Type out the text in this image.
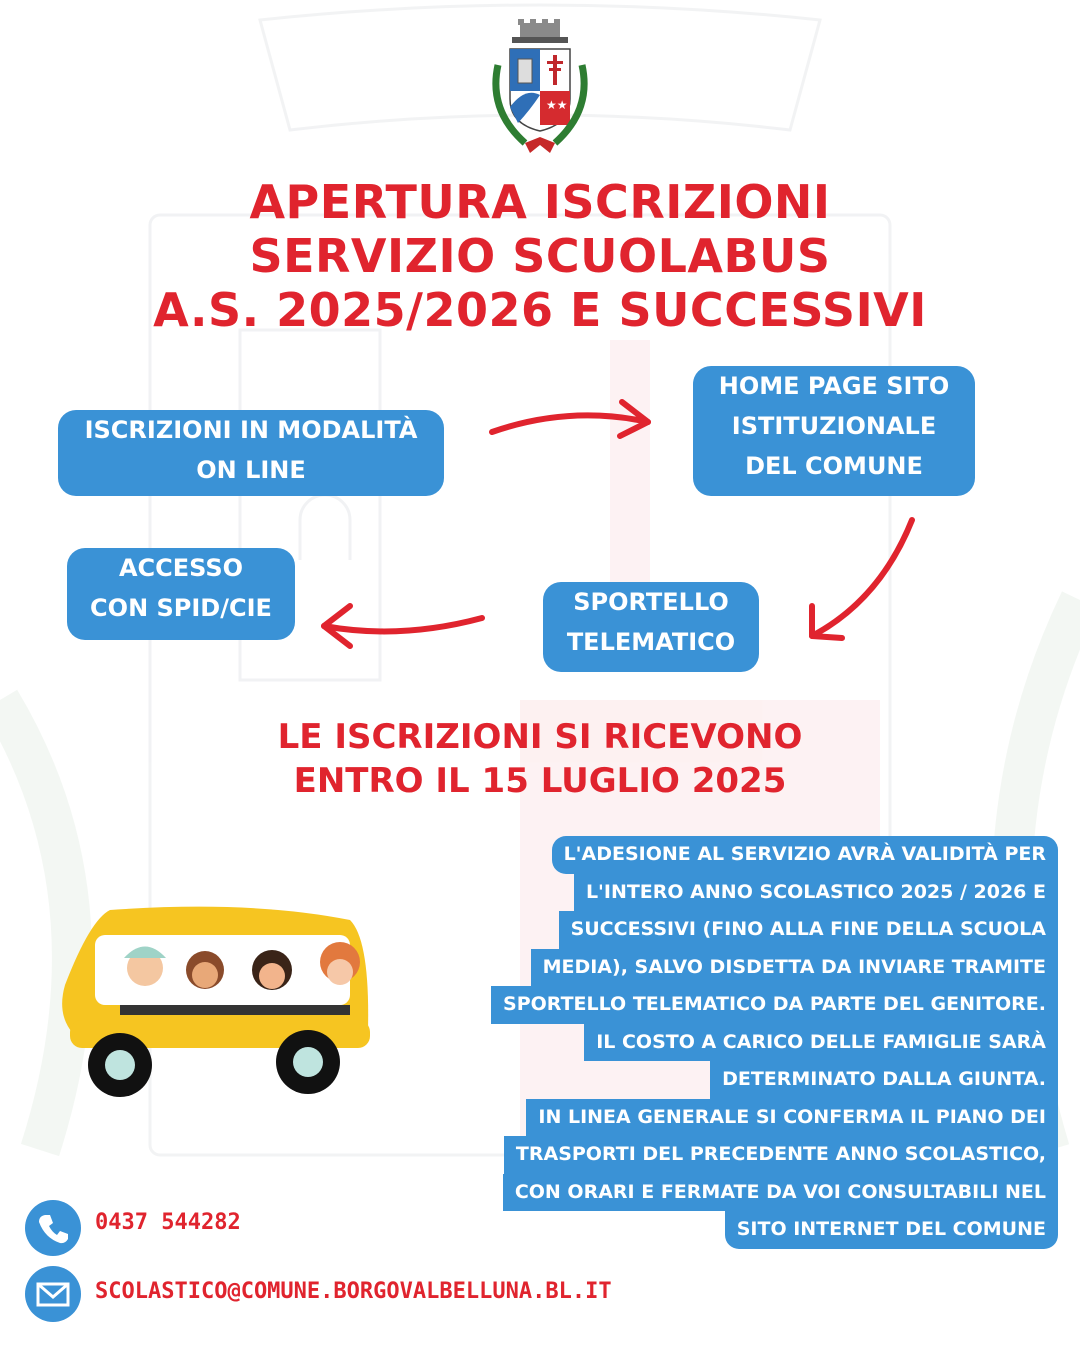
★★
APERTURA ISCRIZIONI
SERVIZIO SCUOLABUS
A.S. 2025/2026 E SUCCESSIVI
ISCRIZIONI IN MODALITÀ
ON LINE
HOME PAGE SITO
ISTITUZIONALE
DEL COMUNE
SPORTELLO
TELEMATICO
ACCESSO
CON SPID/CIE
LE ISCRIZIONI SI RICEVONO
ENTRO IL 15 LUGLIO 2025
L'ADESIONE AL SERVIZIO AVRÀ VALIDITÀ PER
L'INTERO ANNO SCOLASTICO 2025 / 2026 E
SUCCESSIVI (FINO ALLA FINE DELLA SCUOLA
MEDIA), SALVO DISDETTA DA INVIARE TRAMITE
SPORTELLO TELEMATICO DA PARTE DEL GENITORE.
IL COSTO A CARICO DELLE FAMIGLIE SARÀ
DETERMINATO DALLA GIUNTA.
IN LINEA GENERALE SI CONFERMA IL PIANO DEI
TRASPORTI DEL PRECEDENTE ANNO SCOLASTICO,
CON ORARI E FERMATE DA VOI CONSULTABILI NEL
SITO INTERNET DEL COMUNE
0437 544282
SCOLASTICO@COMUNE.BORGOVALBELLUNA.BL.IT
